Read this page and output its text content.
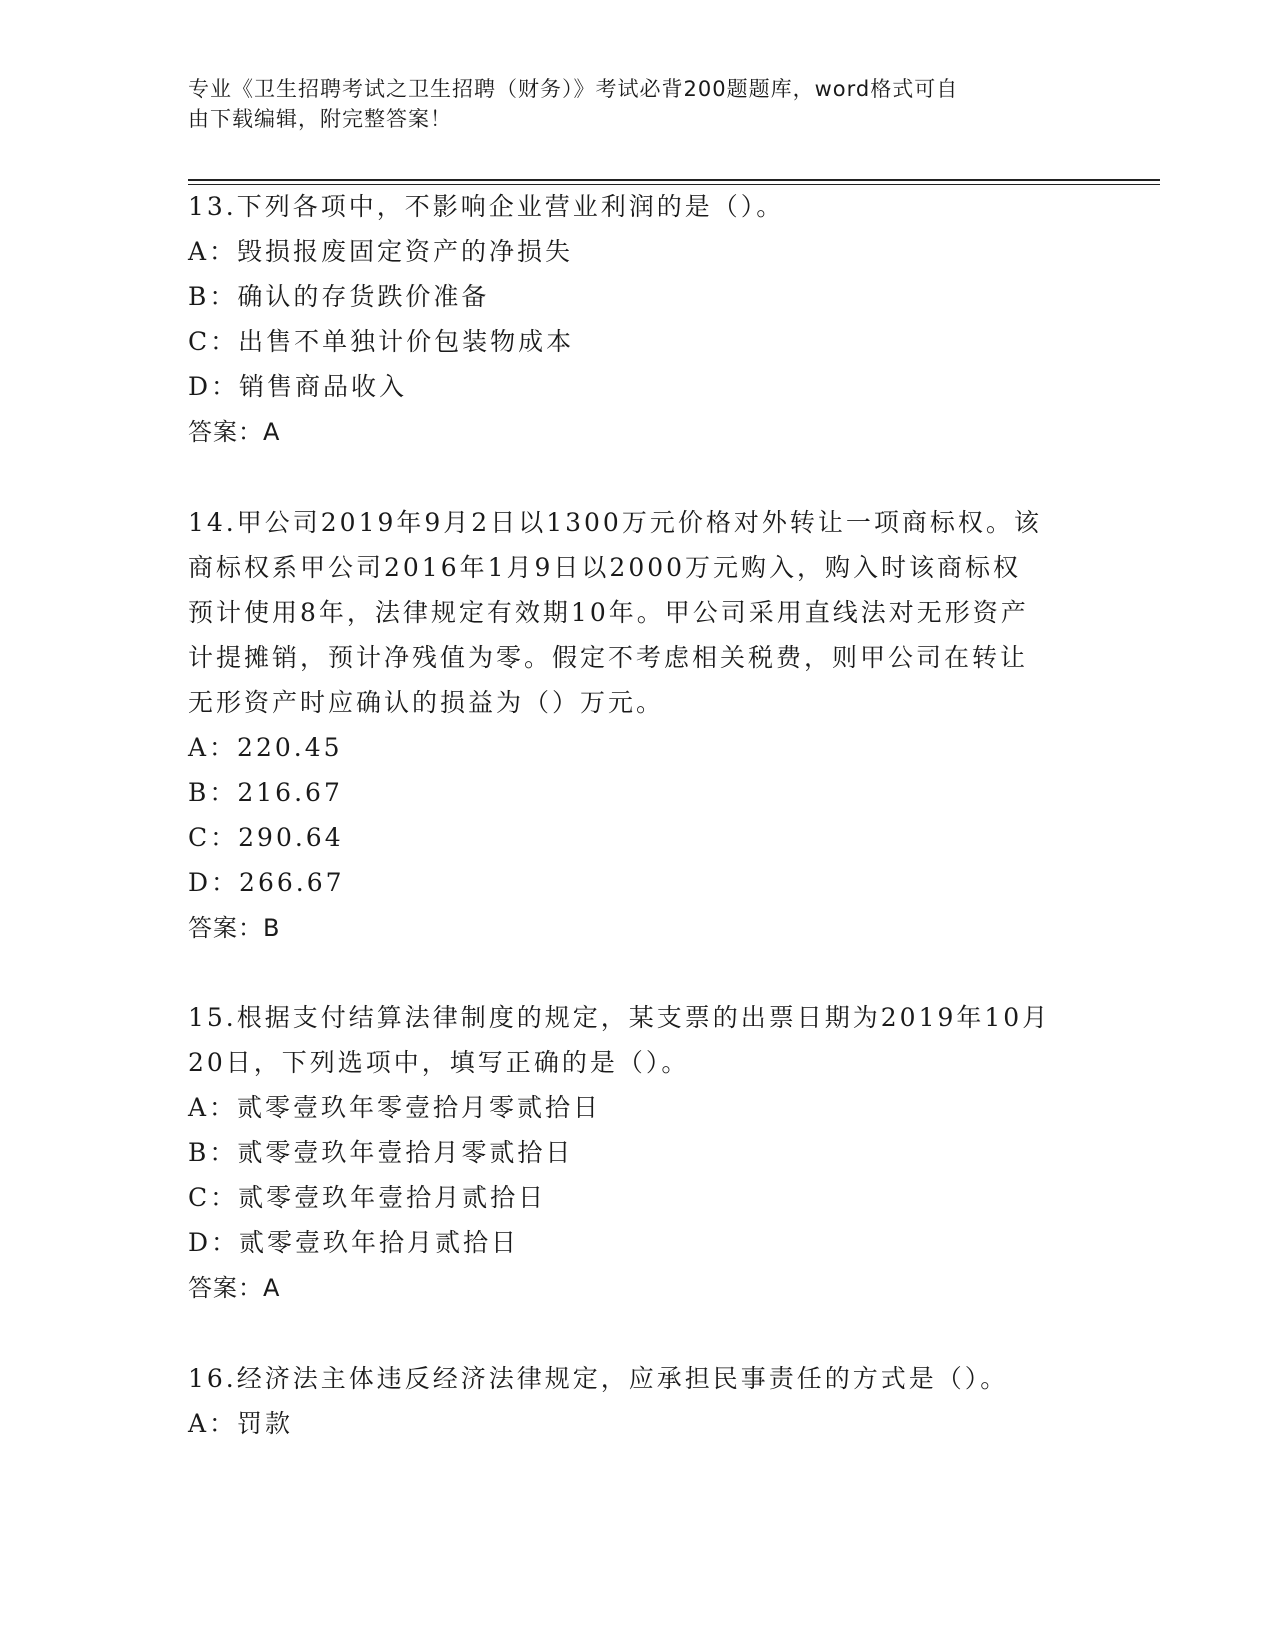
专业《卫生招聘考试之卫生招聘（财务）》考试必背200题题库，word格式可自
由下载编辑，附完整答案！
13.下列各项中，不影响企业营业利润的是（）。
A：毁损报废固定资产的净损失
B：确认的存货跌价准备
C：出售不单独计价包装物成本
D：销售商品收入
答案：A
14.甲公司2019年9月2日以1300万元价格对外转让一项商标权。该
商标权系甲公司2016年1月9日以2000万元购入，购入时该商标权
预计使用8年，法律规定有效期10年。甲公司采用直线法对无形资产
计提摊销，预计净残值为零。假定不考虑相关税费，则甲公司在转让
无形资产时应确认的损益为（）万元。
A：220.45
B：216.67
C：290.64
D：266.67
答案：B
15.根据支付结算法律制度的规定，某支票的出票日期为2019年10月
20日，下列选项中，填写正确的是（）。
A：贰零壹玖年零壹拾月零贰拾日
B：贰零壹玖年壹拾月零贰拾日
C：贰零壹玖年壹拾月贰拾日
D：贰零壹玖年拾月贰拾日
答案：A
16.经济法主体违反经济法律规定，应承担民事责任的方式是（）。
A：罚款
